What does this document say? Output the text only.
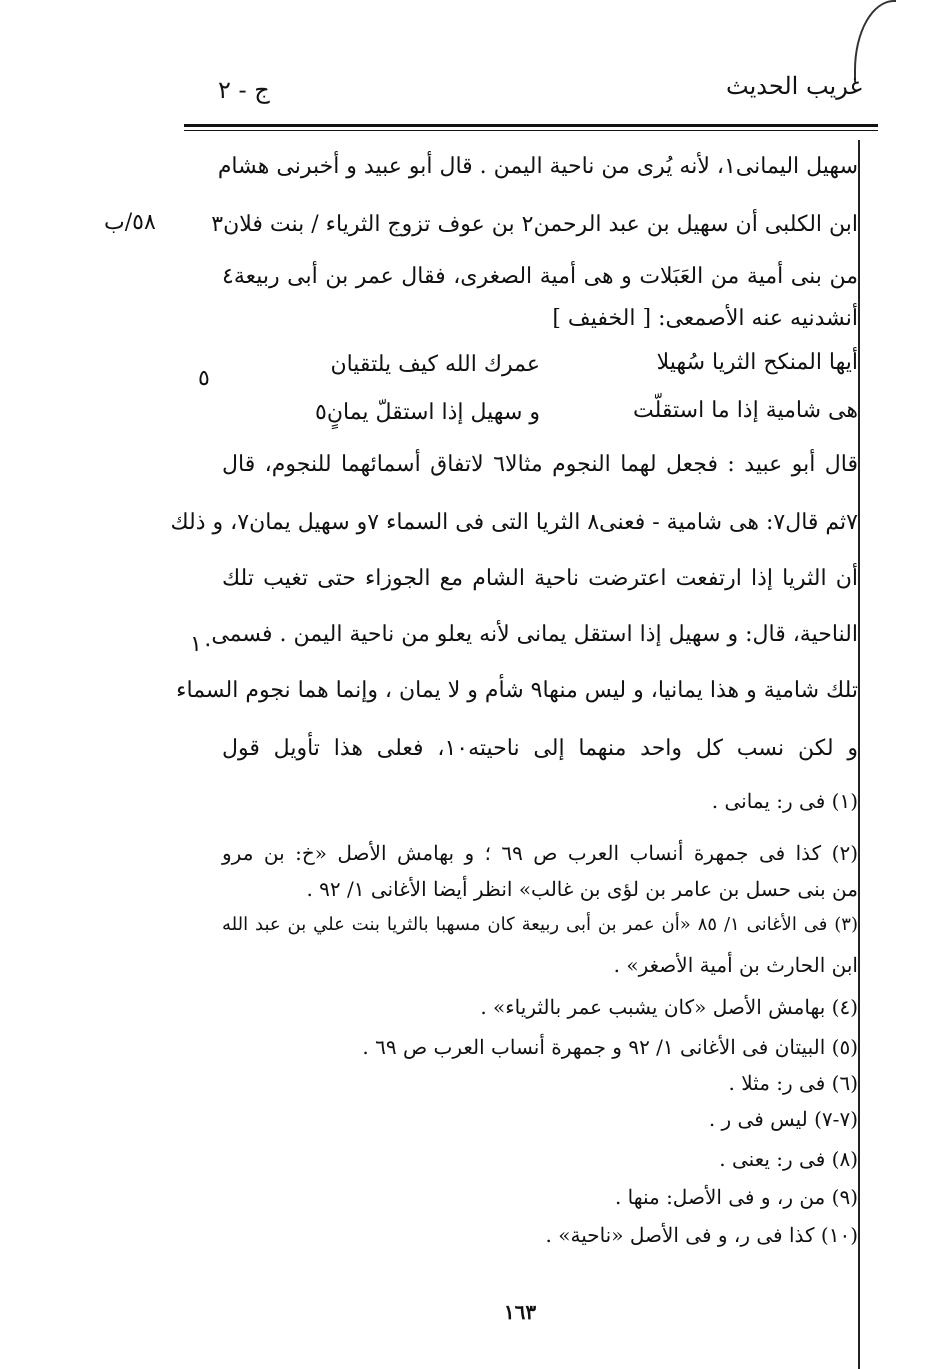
غريب الحديث
ج - ٢
سهيل اليمانى١، لأنه يُرى من ناحية اليمن . قال أبو عبيد و أخبرنى هشام
ابن الكلبى أن سهيل بن عبد الرحمن٢ بن عوف تزوج الثرياء / بنت فلان٣
من بنى أمية من العَبَلات و هى أمية الصغرى، فقال عمر بن أبى ربيعة٤
أنشدنيه عنه الأصمعى: [ الخفيف ]
أيها المنكح الثريا سُهيلا
عمرك الله كيف يلتقيان
هى شامية إذا ما استقلّت
و سهيل إذا استقلّ يمانٍ٥
قال أبو عبيد : فجعل لهما النجوم مثالا٦ لاتفاق أسمائهما للنجوم، قال
٧ثم قال٧: هى شامية - فعنى٨ الثريا التى فى السماء ٧و سهيل يمان٧، و ذلك
أن الثريا إذا ارتفعت اعترضت ناحية الشام مع الجوزاء حتى تغيب تلك
الناحية، قال: و سهيل إذا استقل يمانى لأنه يعلو من ناحية اليمن . فسمى
تلك شامية و هذا يمانيا، و ليس منها٩ شأم و لا يمان ، وإنما هما نجوم السماء
و لكن نسب كل واحد منهما إلى ناحيته١٠، فعلى هذا تأويل قول
٥٨/ب
٥
١٠
(١) فى ر: يمانى .
(٢) كذا فى جمهرة أنساب العرب ص ٦٩ ؛ و بهامش الأصل «خ: بن مرو
من بنى حسل بن عامر بن لؤى بن غالب» انظر أيضا الأغانى ١/ ٩٢ .
(٣) فى الأغانى ١/ ٨٥ «أن عمر بن أبى ربيعة كان مسهبا بالثريا بنت علي بن عبد الله
ابن الحارث بن أمية الأصغر» .
(٤) بهامش الأصل «كان يشبب عمر بالثرياء» .
(٥) البيتان فى الأغانى ١/ ٩٢ و جمهرة أنساب العرب ص ٦٩ .
(٦) فى ر: مثلا .
(٧-٧) ليس فى ر .
(٨) فى ر: يعنى .
(٩) من ر، و فى الأصل: منها .
(١٠) كذا فى ر، و فى الأصل «ناحية» .
١٦٣
